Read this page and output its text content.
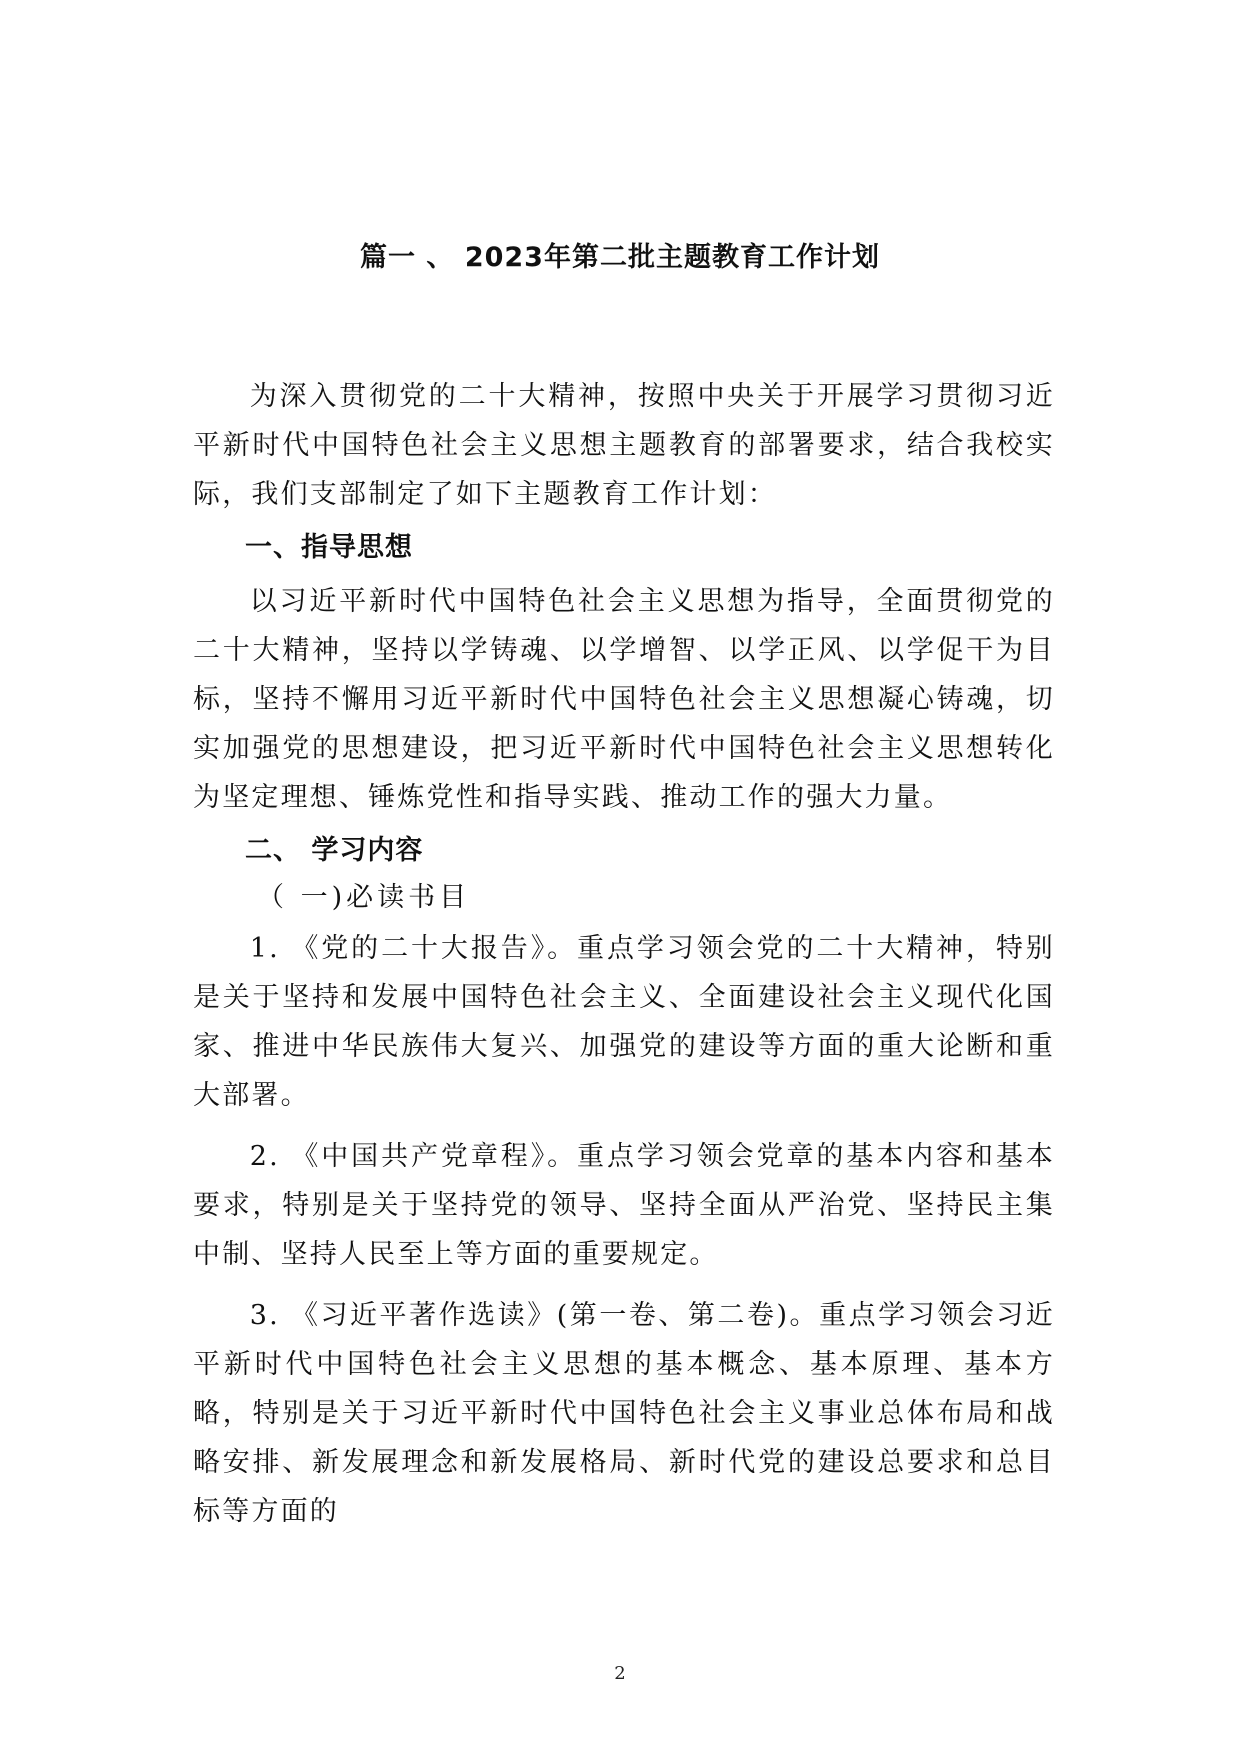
篇一 、 2023年第二批主题教育工作计划

为深入贯彻党的二十大精神，按照中央关于开展学习贯彻习近平新时代中国特色社会主义思想主题教育的部署要求，结合我校实际，我们支部制定了如下主题教育工作计划：

一、指导思想

以习近平新时代中国特色社会主义思想为指导，全面贯彻党的二十大精神，坚持以学铸魂、以学增智、以学正风、以学促干为目标，坚持不懈用习近平新时代中国特色社会主义思想凝心铸魂，切实加强党的思想建设，把习近平新时代中国特色社会主义思想转化为坚定理想、锤炼党性和指导实践、推动工作的强大力量。

二、 学习内容

（ 一)必读书目

1. 《党的二十大报告》。重点学习领会党的二十大精神，特别是关于坚持和发展中国特色社会主义、全面建设社会主义现代化国家、推进中华民族伟大复兴、加强党的建设等方面的重大论断和重大部署。

2. 《中国共产党章程》。重点学习领会党章的基本内容和基本要求，特别是关于坚持党的领导、坚持全面从严治党、坚持民主集中制、坚持人民至上等方面的重要规定。

3. 《习近平著作选读》(第一卷、第二卷)。重点学习领会习近平新时代中国特色社会主义思想的基本概念、基本原理、基本方略，特别是关于习近平新时代中国特色社会主义事业总体布局和战略安排、新发展理念和新发展格局、新时代党的建设总要求和总目标等方面的

2
